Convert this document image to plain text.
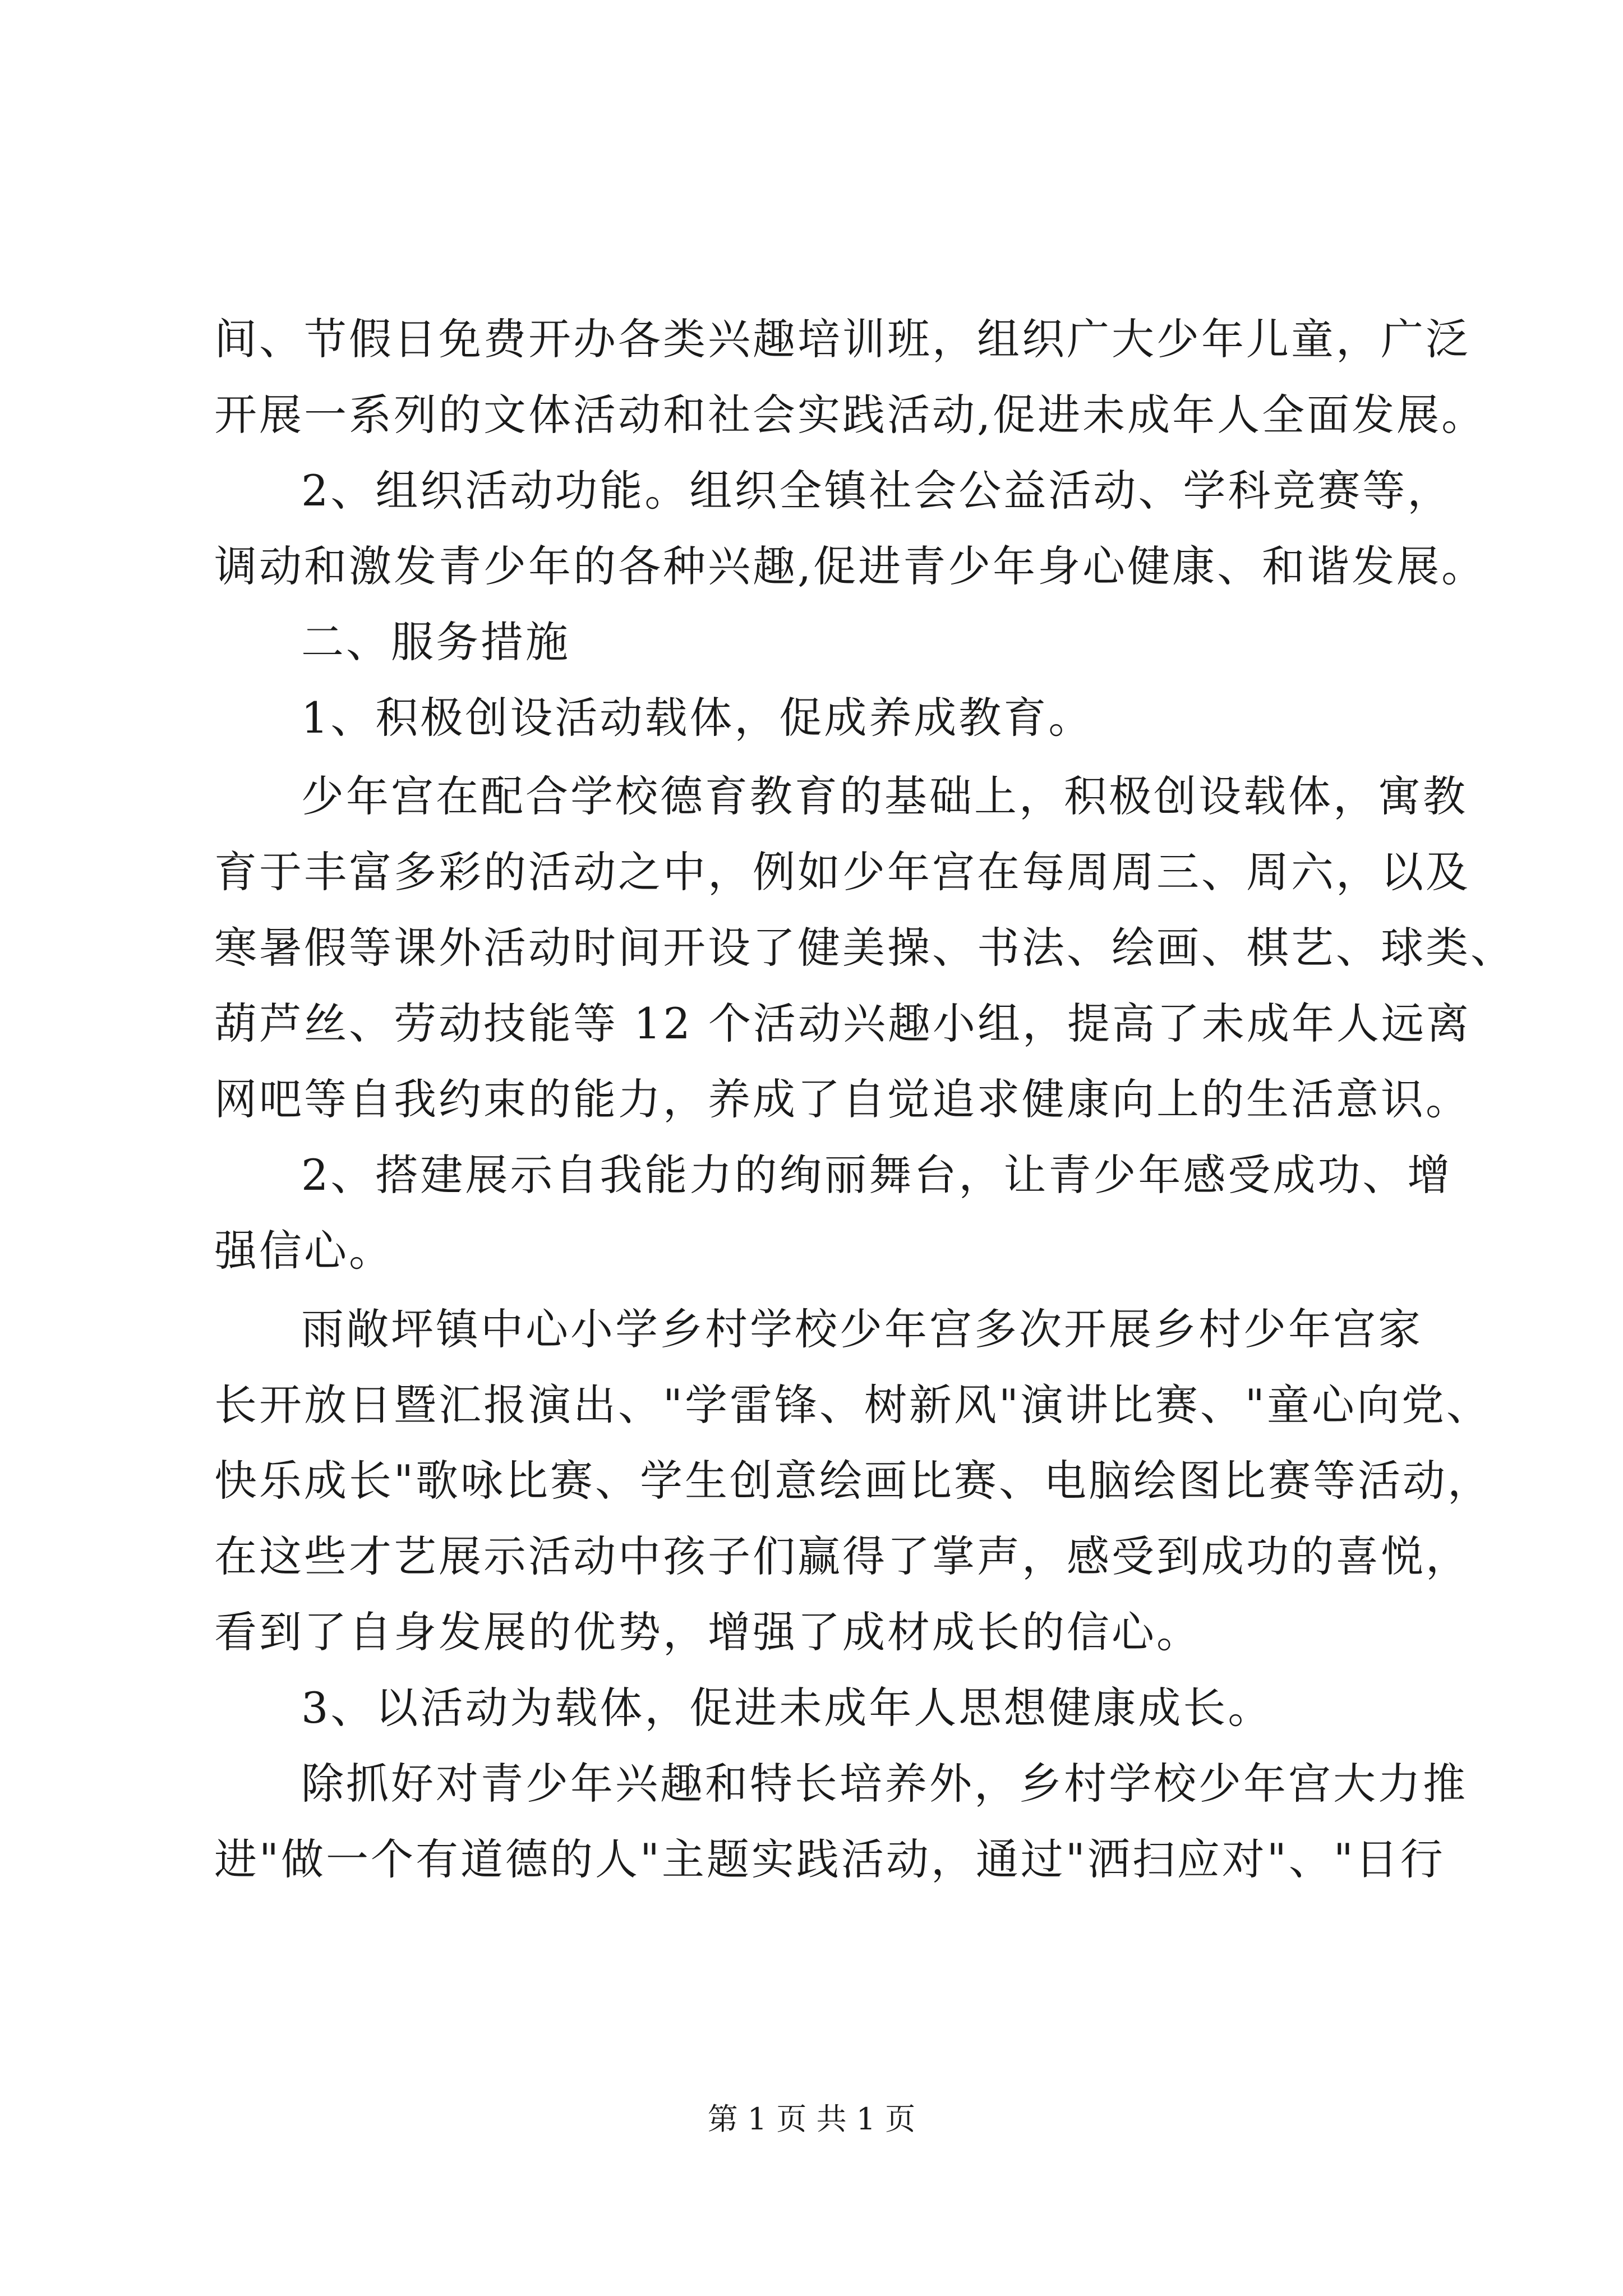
间、节假日免费开办各类兴趣培训班，组织广大少年儿童，广泛
开展一系列的文体活动和社会实践活动,促进未成年人全面发展。
2、组织活动功能。组织全镇社会公益活动、学科竞赛等，
调动和激发青少年的各种兴趣,促进青少年身心健康、和谐发展。
二、服务措施
1、积极创设活动载体，促成养成教育。
少年宫在配合学校德育教育的基础上，积极创设载体，寓教
育于丰富多彩的活动之中，例如少年宫在每周周三、周六，以及
寒暑假等课外活动时间开设了健美操、书法、绘画、棋艺、球类、
葫芦丝、劳动技能等 12 个活动兴趣小组，提高了未成年人远离
网吧等自我约束的能力，养成了自觉追求健康向上的生活意识。
2、搭建展示自我能力的绚丽舞台，让青少年感受成功、增
强信心。
雨敞坪镇中心小学乡村学校少年宫多次开展乡村少年宫家
长开放日暨汇报演出、"学雷锋、树新风"演讲比赛、"童心向党、
快乐成长"歌咏比赛、学生创意绘画比赛、电脑绘图比赛等活动，
在这些才艺展示活动中孩子们赢得了掌声，感受到成功的喜悦，
看到了自身发展的优势，增强了成材成长的信心。
3、以活动为载体，促进未成年人思想健康成长。
除抓好对青少年兴趣和特长培养外，乡村学校少年宫大力推
进"做一个有道德的人"主题实践活动，通过"洒扫应对"、"日行
第 1 页 共 1 页
